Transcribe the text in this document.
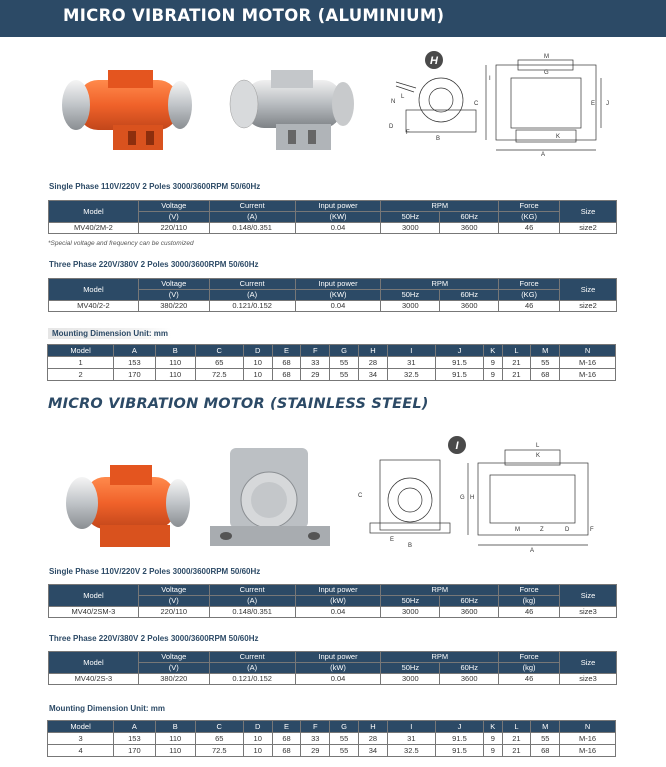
MICRO VIBRATION MOTOR (ALUMINIUM)
H
N
L
D
F
B
C
A
J
E
I
M
G
K
Single Phase 110V/220V 2 Poles 3000/3600RPM 50/60Hz
Model	Voltage	Current	Input power	RPM		Force	Size
	(V)	(A)	(KW)	50Hz	60Hz	(KG)	
MV40/2M-2	220/110	0.148/0.351	0.04	3000	3600	46	size2
*Special voltage and frequency can be customized
Three Phase 220V/380V 2 Poles 3000/3600RPM 50/60Hz
Model	Voltage	Current	Input power	RPM		Force	Size
	(V)	(A)	(KW)	50Hz	60Hz	(KG)	
MV40/2-2	380/220	0.121/0.152	0.04	3000	3600	46	size2
Mounting Dimension Unit: mm
Model	A	B	C	D	E	F	G	H	I	J	K	L	M	N
1	153	110	65	10	68	33	55	28	31	91.5	9	21	55	M-16
2	170	110	72.5	10	68	29	55	34	32.5	91.5	9	21	68	M-16
MICRO VIBRATION MOTOR (STAINLESS STEEL)
I
C
E
B
A
G H
K
L
D
Z
M	F
Single Phase 110V/220V 2 Poles 3000/3600RPM 50/60Hz
Model	Voltage	Current	Input power	RPM		Force	Size
	(V)	(A)	(kW)	50Hz	60Hz	(kg)	
MV40/2SM-3	220/110	0.148/0.351	0.04	3000	3600	46	size3
Three Phase 220V/380V 2 Poles 3000/3600RPM 50/60Hz
Model	Voltage	Current	Input power	RPM		Force	Size
	(V)	(A)	(kW)	50Hz	60Hz	(kg)	
MV40/2S-3	380/220	0.121/0.152	0.04	3000	3600	46	size3
Mounting Dimension Unit: mm
Model	A	B	C	D	E	F	G	H	I	J	K	L	M	N
3	153	110	65	10	68	33	55	28	31	91.5	9	21	55	M-16
4	170	110	72.5	10	68	29	55	34	32.5	91.5	9	21	68	M-16
